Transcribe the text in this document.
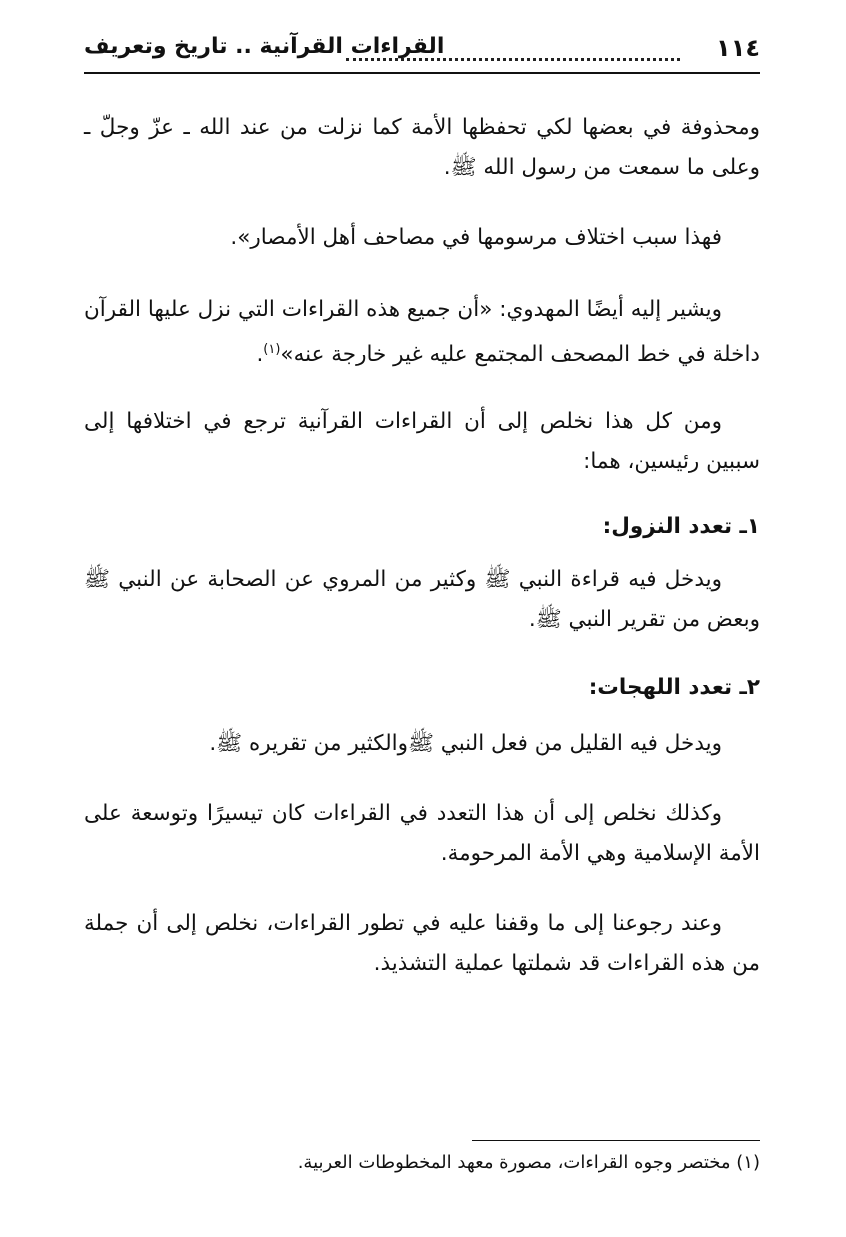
١١٤
القراءات القرآنية .. تاريخ وتعريف

ومحذوفة في بعضها لكي تحفظها الأمة كما نزلت من عند الله ـ عزّ وجلّ ـ وعلى ما سمعت من رسول الله ﷺ.

فهذا سبب اختلاف مرسومها في مصاحف أهل الأمصار».

ويشير إليه أيضًا المهدوي: «أن جميع هذه القراءات التي نزل عليها القرآن داخلة في خط المصحف المجتمع عليه غير خارجة عنه»$^{(١)}$.

ومن كل هذا نخلص إلى أن القراءات القرآنية ترجع في اختلافها إلى سببين رئيسين، هما:

١ـ تعدد النزول:

ويدخل فيه قراءة النبي ﷺ وكثير من المروي عن الصحابة عن النبي ﷺ وبعض من تقرير النبي ﷺ.

٢ـ تعدد اللهجات:

ويدخل فيه القليل من فعل النبي ﷺوالكثير من تقريره ﷺ.

وكذلك نخلص إلى أن هذا التعدد في القراءات كان تيسيرًا وتوسعة على الأمة الإسلامية وهي الأمة المرحومة.

وعند رجوعنا إلى ما وقفنا عليه في تطور القراءات، نخلص إلى أن جملة من هذه القراءات قد شملتها عملية التشذيذ.

(١) مختصر وجوه القراءات، مصورة معهد المخطوطات العربية.
